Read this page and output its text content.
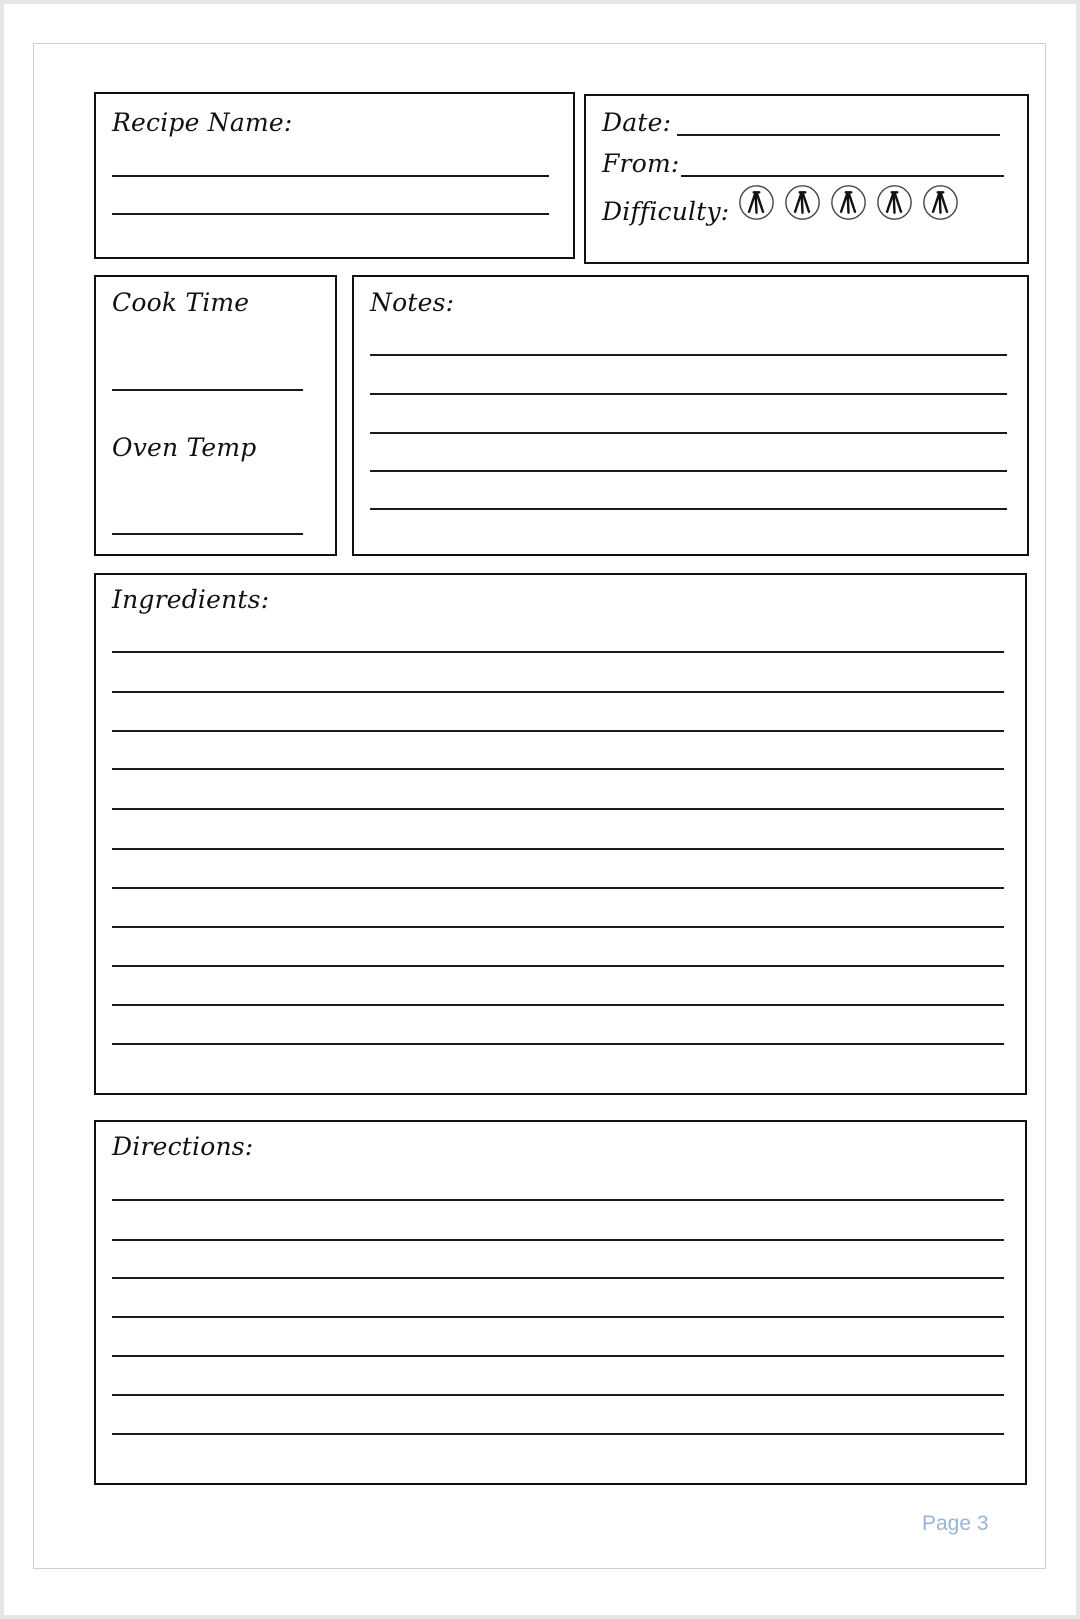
Recipe Name:	Date:
From:
Difficulty:
Cook Time
Oven Temp
Notes:
Ingredients:
Directions:
Page 3
